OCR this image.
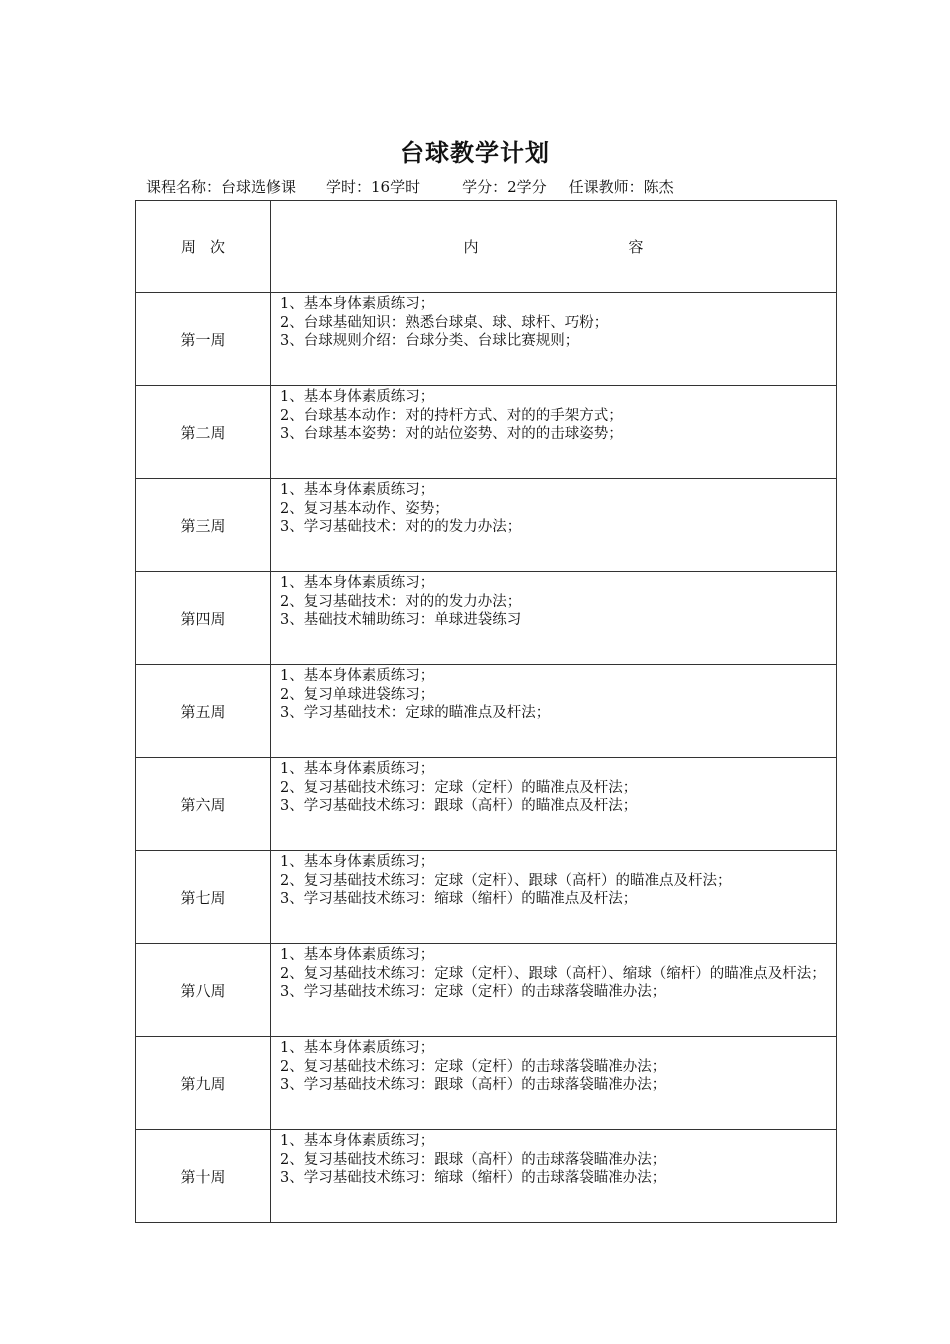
台球教学计划
课程名称：台球选修课 学时：16学时	学分：2学分 任课教师：陈杰
周 次	内 容

第一周	1、基本身体素质练习；
2、台球基础知识：熟悉台球桌、球、球杆、巧粉；
3、台球规则介绍：台球分类、台球比赛规则；

第二周	1、基本身体素质练习；
2、台球基本动作：对的持杆方式、对的的手架方式；
3、台球基本姿势：对的站位姿势、对的的击球姿势；

第三周	1、基本身体素质练习；
2、复习基本动作、姿势；
3、学习基础技术：对的的发力办法；

第四周	1、基本身体素质练习；
2、复习基础技术：对的的发力办法；
3、基础技术辅助练习：单球进袋练习

第五周	1、基本身体素质练习；
2、复习单球进袋练习；
3、学习基础技术：定球的瞄准点及杆法；

第六周	1、基本身体素质练习；
2、复习基础技术练习：定球（定杆）的瞄准点及杆法；
3、学习基础技术练习：跟球（高杆）的瞄准点及杆法；

第七周	1、基本身体素质练习；
2、复习基础技术练习：定球（定杆）、跟球（高杆）的瞄准点及杆法；
3、学习基础技术练习：缩球（缩杆）的瞄准点及杆法；

第八周	1、基本身体素质练习；
2、复习基础技术练习：定球（定杆）、跟球（高杆）、缩球（缩杆）的瞄准点及杆法；
3、学习基础技术练习：定球（定杆）的击球落袋瞄准办法；

第九周	1、基本身体素质练习；
2、复习基础技术练习：定球（定杆）的击球落袋瞄准办法；
3、学习基础技术练习：跟球（高杆）的击球落袋瞄准办法；

第十周	1、基本身体素质练习；
2、复习基础技术练习：跟球（高杆）的击球落袋瞄准办法；
3、学习基础技术练习：缩球（缩杆）的击球落袋瞄准办法；
